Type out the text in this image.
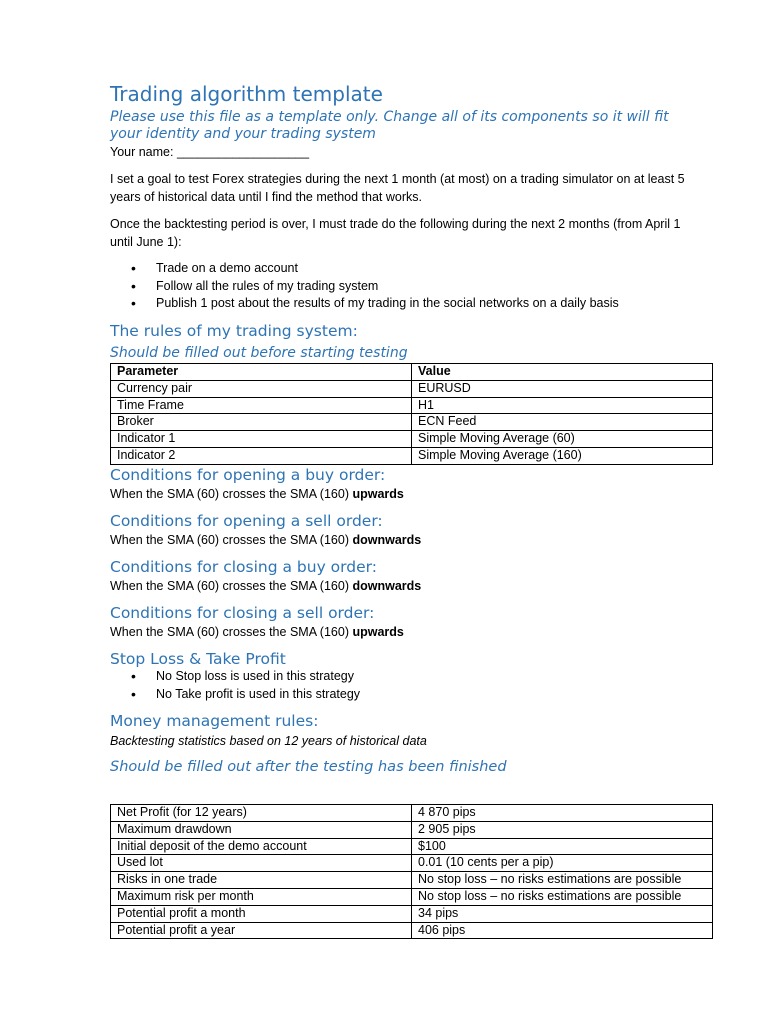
Trading algorithm template
Please use this file as a template only. Change all of its components so it will fit
your identity and your trading system
Your name: ___________________
I set a goal to test Forex strategies during the next 1 month (at most) on a trading simulator on at least 5
years of historical data until I find the method that works.
Once the backtesting period is over, I must trade do the following during the next 2 months (from April 1
until June 1):
• Trade on a demo account
• Follow all the rules of my trading system
• Publish 1 post about the results of my trading in the social networks on a daily basis
The rules of my trading system:
Should be filled out before starting testing
Parameter	Value
Currency pair	EURUSD
Time Frame	H1
Broker	ECN Feed
Indicator 1	Simple Moving Average (60)
Indicator 2	Simple Moving Average (160)
Conditions for opening a buy order:
When the SMA (60) crosses the SMA (160) upwards
Conditions for opening a sell order:
When the SMA (60) crosses the SMA (160) downwards
Conditions for closing a buy order:
When the SMA (60) crosses the SMA (160) downwards
Conditions for closing a sell order:
When the SMA (60) crosses the SMA (160) upwards
Stop Loss & Take Profit
• No Stop loss is used in this strategy
• No Take profit is used in this strategy
Money management rules:
Backtesting statistics based on 12 years of historical data
Should be filled out after the testing has been finished
Net Profit (for 12 years)	4 870 pips
Maximum drawdown	2 905 pips
Initial deposit of the demo account	$100
Used lot	0.01 (10 cents per a pip)
Risks in one trade	No stop loss – no risks estimations are possible
Maximum risk per month	No stop loss – no risks estimations are possible
Potential profit a month	34 pips
Potential profit a year	406 pips
